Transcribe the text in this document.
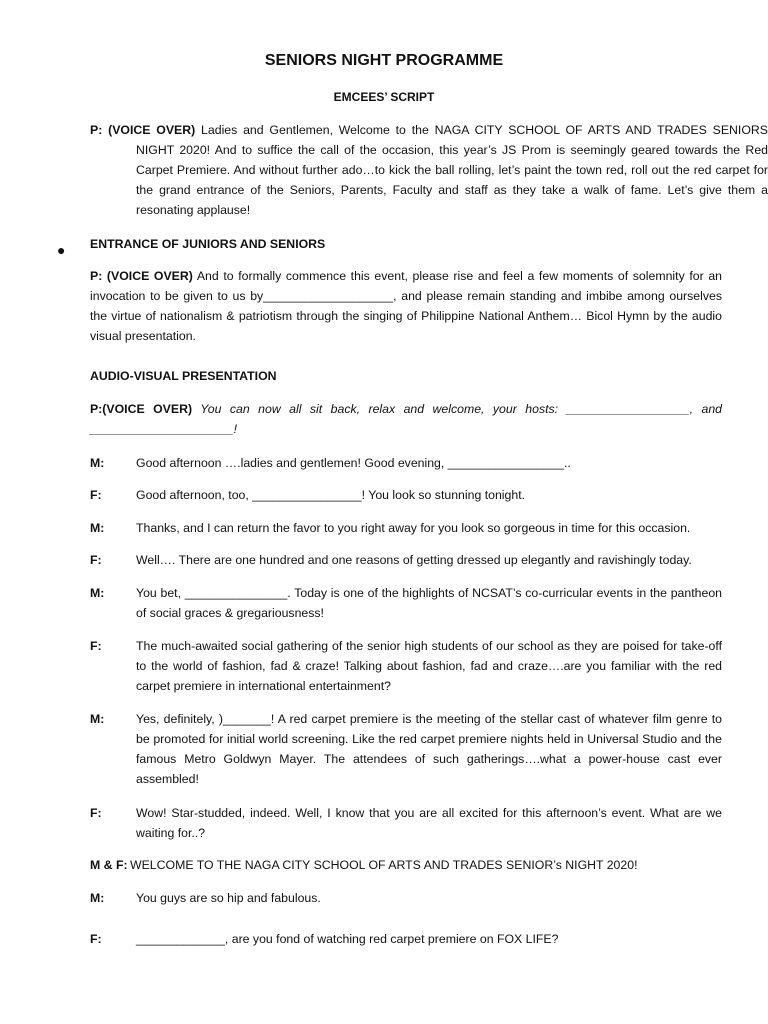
SENIORS NIGHT PROGRAMME
EMCEES’ SCRIPT
P: (VOICE OVER) Ladies and Gentlemen, Welcome to the NAGA CITY SCHOOL OF ARTS AND TRADES SENIORS NIGHT 2020! And to suffice the call of the occasion, this year’s JS Prom is seemingly geared towards the Red Carpet Premiere. And without further ado…to kick the ball rolling, let’s paint the town red, roll out the red carpet for the grand entrance of the Seniors, Parents, Faculty and staff as they take a walk of fame. Let’s give them a resonating applause!
● ENTRANCE OF JUNIORS AND SENIORS
P: (VOICE OVER) And to formally commence this event, please rise and feel a few moments of solemnity for an invocation to be given to us by___________________, and please remain standing and imbibe among ourselves the virtue of nationalism & patriotism through the singing of Philippine National Anthem… Bicol Hymn by the audio visual presentation.
AUDIO-VISUAL PRESENTATION
P:(VOICE OVER) You can now all sit back, relax and welcome, your hosts: __________________, and _____________________!
M:	Good afternoon ….ladies and gentlemen! Good evening, _________________..
F:	Good afternoon, too, ________________! You look so stunning tonight.
M:	Thanks, and I can return the favor to you right away for you look so gorgeous in time for this occasion.
F:	Well…. There are one hundred and one reasons of getting dressed up elegantly and ravishingly today.
M:	You bet, _______________. Today is one of the highlights of NCSAT’s co-curricular events in the pantheon of social graces & gregariousness!
F:	The much-awaited social gathering of the senior high students of our school as they are poised for take-off to the world of fashion, fad & craze! Talking about fashion, fad and craze….are you familiar with the red carpet premiere in international entertainment?
M:	Yes, definitely, )_______! A red carpet premiere is the meeting of the stellar cast of whatever film genre to be promoted for initial world screening. Like the red carpet premiere nights held in Universal Studio and the famous Metro Goldwyn Mayer. The attendees of such gatherings….what a power-house cast ever assembled!
F:	Wow! Star-studded, indeed. Well, I know that you are all excited for this afternoon’s event. What are we waiting for..?
M & F: WELCOME TO THE NAGA CITY SCHOOL OF ARTS AND TRADES SENIOR’s NIGHT 2020!
M:	You guys are so hip and fabulous.
F:	_____________, are you fond of watching red carpet premiere on FOX LIFE?
